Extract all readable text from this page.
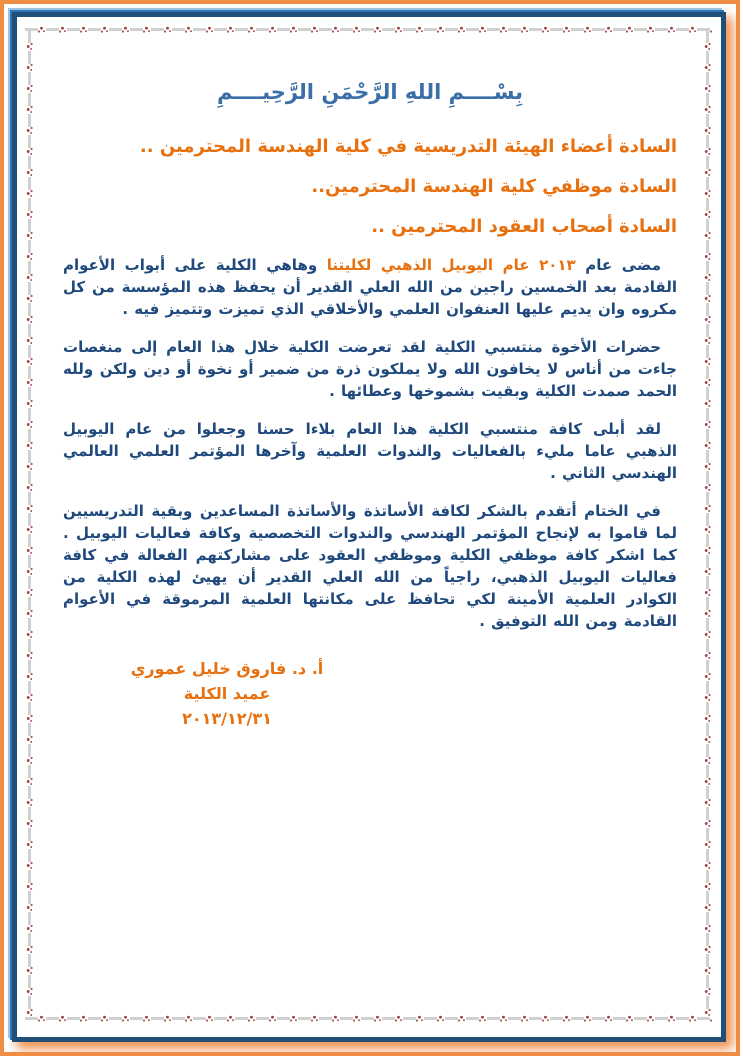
بِسْــــمِ اللهِ الرَّحْمَنِ الرَّحِيــــمِ
السادة أعضاء الهيئة التدريسية في كلية الهندسة المحترمين ..
السادة موظفي كلية الهندسة المحترمين..
السادة أصحاب العقود المحترمين ..

مضى عام ٢٠١٣ عام اليوبيل الذهبي لكليتنا وهاهي الكلية على أبواب الأعوام القادمة بعد الخمسين راجين من الله العلي القدير أن يحفظ هذه المؤسسة من كل مكروه وان يديم عليها العنفوان العلمي والأخلاقي الذي تميزت وتتميز فيه .

حضرات الأخوة منتسبي الكلية لقد تعرضت الكلية خلال هذا العام إلى منغصات جاءت من أناس لا يخافون الله ولا يملكون ذرة من ضمير أو نخوة أو دين ولكن ولله الحمد صمدت الكلية وبقيت بشموخها وعطائها .

لقد أبلى كافة منتسبي الكلية هذا العام بلاءا حسنا وجعلوا من عام اليوبيل الذهبي عاما مليء بالفعاليات والندوات العلمية وآخرها المؤتمر العلمي العالمي الهندسي الثاني .

في الختام أتقدم بالشكر لكافة الأساتذة والأساتذة المساعدين وبقية التدريسيين لما قاموا به لإنجاح المؤتمر الهندسي والندوات التخصصية وكافة فعاليات اليوبيل . كما اشكر كافة موظفي الكلية وموظفي العقود على مشاركتهم الفعالة في كافة فعاليات اليوبيل الذهبي، راجياً من الله العلي القدير أن يهيئ لهذه الكلية من الكوادر العلمية الأمينة لكي تحافظ على مكانتها العلمية المرموقة في الأعوام القادمة ومن الله التوفيق .

أ. د. فاروق خليل عموري
عميد الكلية
٢٠١٣/١٢/٣١
